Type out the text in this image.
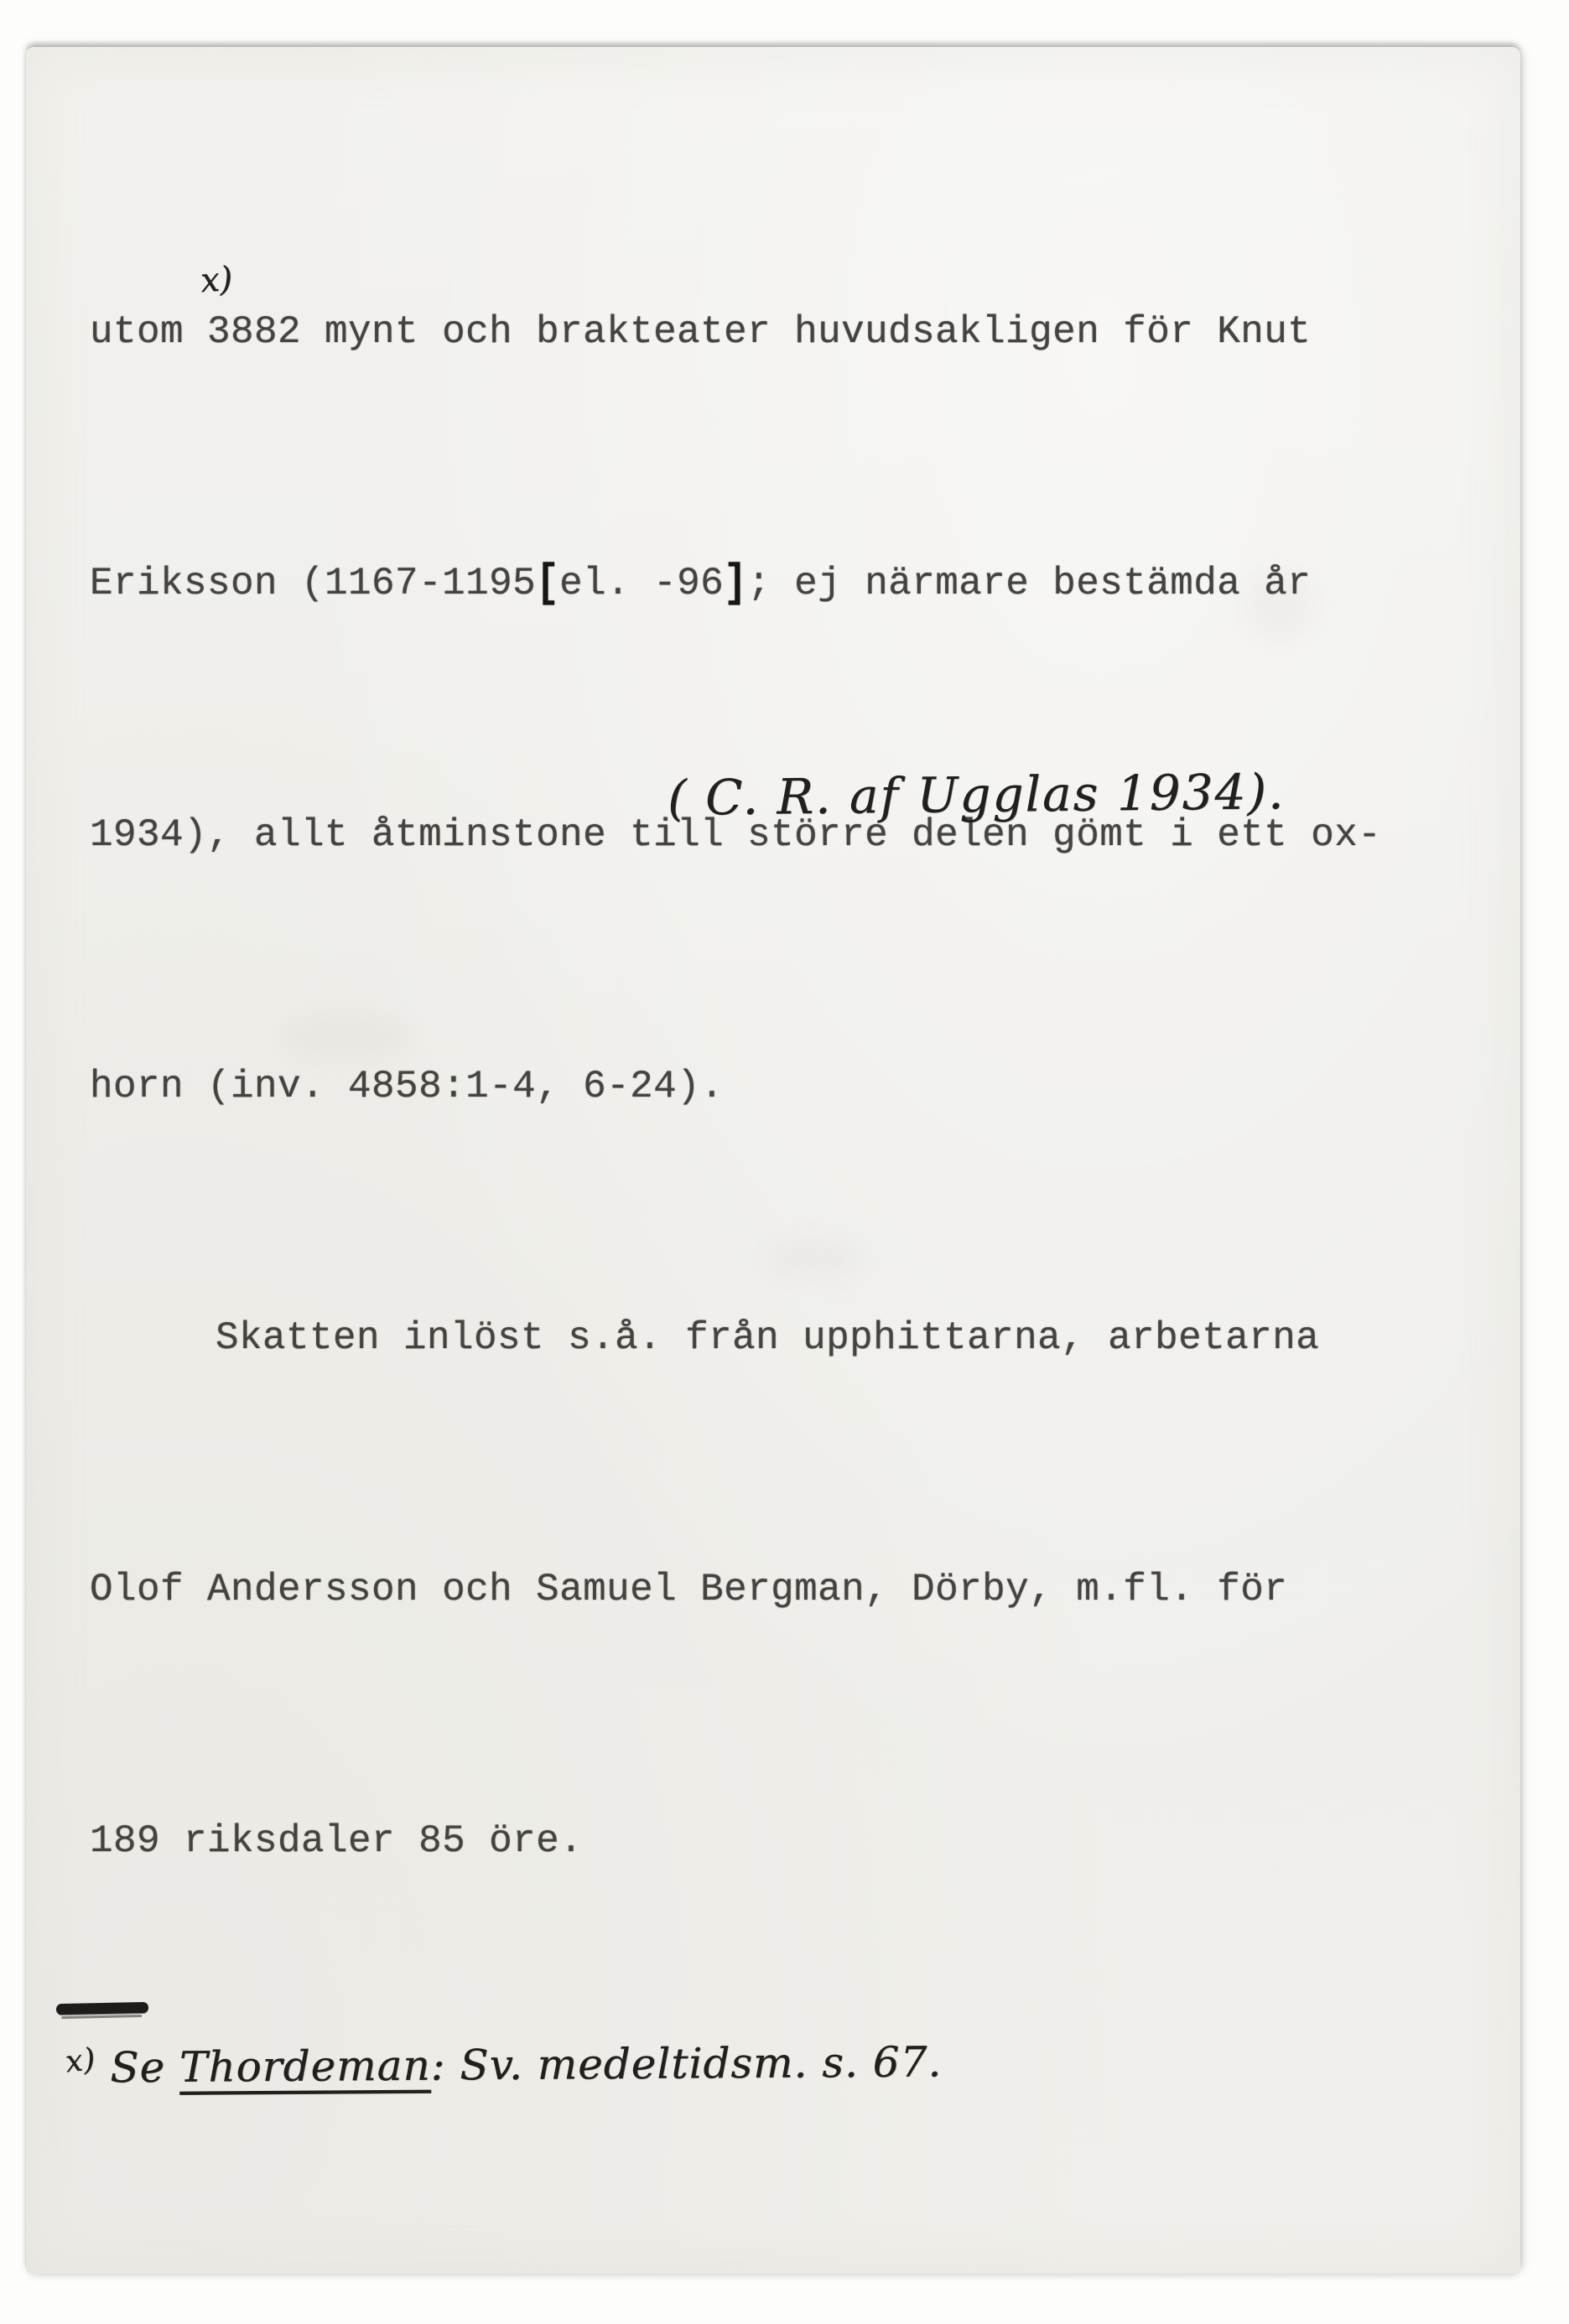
utom 3882 mynt och brakteater huvudsakligen för Knut

Eriksson (1167-1195[el. -96]; ej närmare bestämda år

1934), allt åtminstone till större delen gömt i ett ox-

horn (inv. 4858:1-4, 6-24).

Skatten inlöst s.å. från upphittarna, arbetarna

Olof Andersson och Samuel Bergman, Dörby, m.fl. för

189 riksdaler 85 öre.

x)
( C. R. af Ugglas 1934).
x) Se Thordeman: Sv. medeltidsm. s. 67.
